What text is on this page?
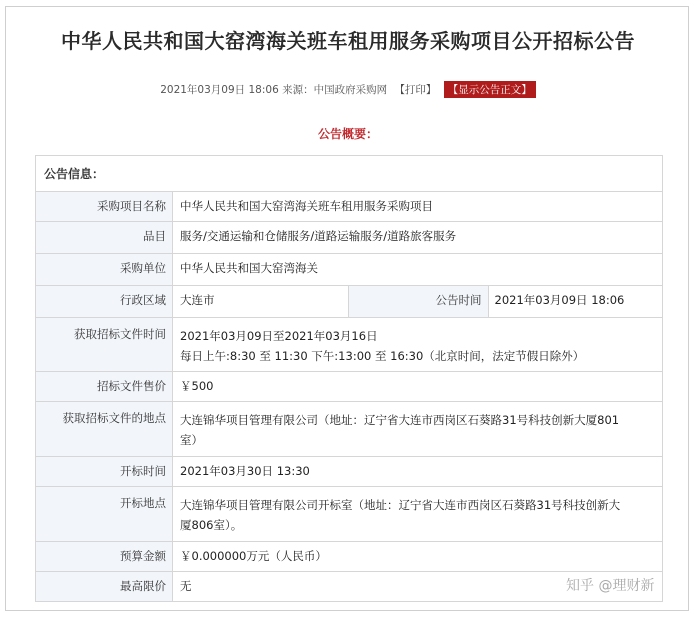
中华人民共和国大窑湾海关班车租用服务采购项目公开招标公告
2021年03月09日 18:06 来源：中国政府采购网 【打印】 【显示公告正文】
公告概要：
公告信息：
采购项目名称	中华人民共和国大窑湾海关班车租用服务采购项目
品目	服务/交通运输和仓储服务/道路运输服务/道路旅客服务
采购单位	中华人民共和国大窑湾海关
行政区域	大连市	公告时间	2021年03月09日 18:06
获取招标文件时间	2021年03月09日至2021年03月16日
每日上午:8:30 至 11:30 下午:13:00 至 16:30（北京时间，法定节假日除外）
招标文件售价	￥500
获取招标文件的地点	大连锦华项目管理有限公司（地址：辽宁省大连市西岗区石葵路31号科技创新大厦801
室）
开标时间	2021年03月30日 13:30
开标地点	大连锦华项目管理有限公司开标室（地址：辽宁省大连市西岗区石葵路31号科技创新大
厦806室）。
预算金额	￥0.000000万元（人民币）
最高限价	无	知乎 @理财新
